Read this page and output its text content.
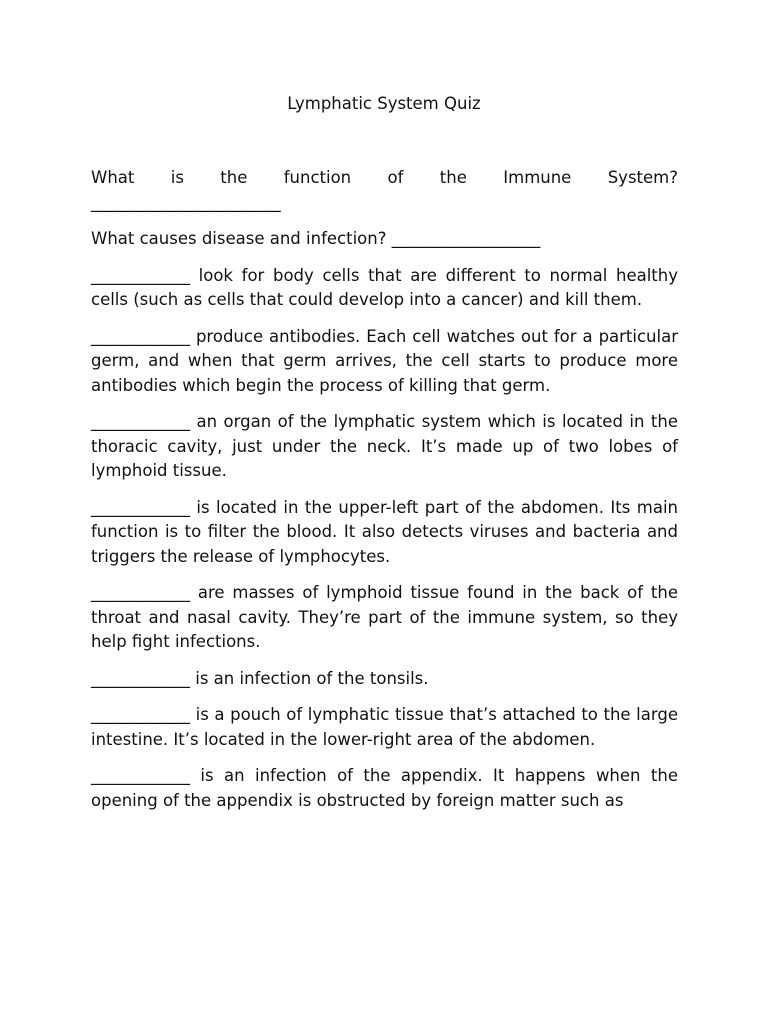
Lymphatic System Quiz

What is the function of the Immune System?

_______________________

What causes disease and infection? __________________

____________ look for body cells that are different to normal healthy cells (such as cells that could develop into a cancer) and kill them.

____________ produce antibodies. Each cell watches out for a particular germ, and when that germ arrives, the cell starts to produce more antibodies which begin the process of killing that germ.

____________ an organ of the lymphatic system which is located in the thoracic cavity, just under the neck. It’s made up of two lobes of lymphoid tissue.

____________ is located in the upper-left part of the abdomen. Its main function is to filter the blood. It also detects viruses and bacteria and triggers the release of lymphocytes.

____________ are masses of lymphoid tissue found in the back of the throat and nasal cavity. They’re part of the immune system, so they help fight infections.

____________ is an infection of the tonsils.

____________ is a pouch of lymphatic tissue that’s attached to the large intestine. It’s located in the lower-right area of the abdomen.

____________ is an infection of the appendix. It happens when the opening of the appendix is obstructed by foreign matter such as
